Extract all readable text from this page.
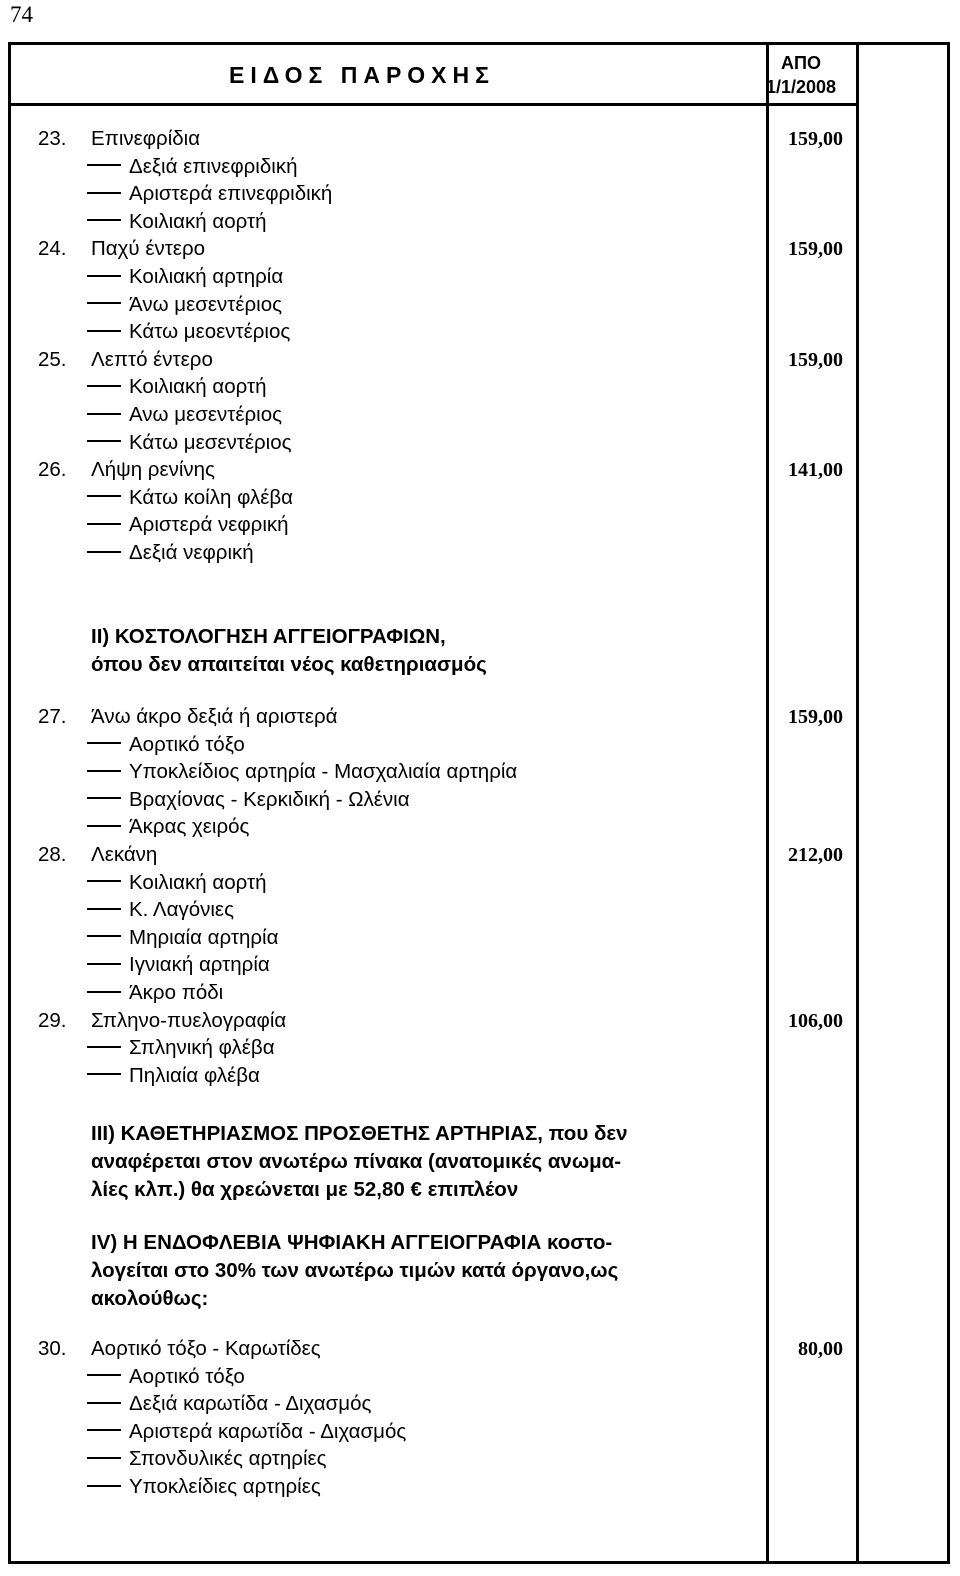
74
ΕΙΔΟΣ ΠΑΡΟΧΗΣ	ΑΠΟ
1/1/2008
II) ΚΟΣΤΟΛΟΓΗΣΗ ΑΓΓΕΙΟΓΡΑΦΙΩΝ,
όπου δεν απαιτείται νέος καθετηριασμός
III) ΚΑΘΕΤΗΡΙΑΣΜΟΣ ΠΡΟΣΘΕΤΗΣ ΑΡΤΗΡΙΑΣ, που δεν
αναφέρεται στον ανωτέρω πίνακα (ανατομικές ανωμα-
λίες κλπ.) θα χρεώνεται με 52,80 € επιπλέον
IV) Η ΕΝΔΟΦΛΕΒΙΑ ΨΗΦΙΑΚΗ ΑΓΓΕΙΟΓΡΑΦΙΑ κοστο-
λογείται στο 30% των ανωτέρω τιμών κατά όργανο,ως
ακολούθως:
23. Επινεφρίδια	159,00
Δεξιά επινεφριδική
Αριστερά επινεφριδική
Κοιλιακή αορτή
24. Παχύ έντερο	159,00
Κοιλιακή αρτηρία
Άνω μεσεντέριος
Κάτω μεοεντέριος
25. Λεπτό έντερο	159,00
Κοιλιακή αορτή
Ανω μεσεντέριος
Κάτω μεσεντέριος
26. Λήψη ρενίνης	141,00
Κάτω κοίλη φλέβα
Αριστερά νεφρική
Δεξιά νεφρική
27. Άνω άκρο δεξιά ή αριστερά	159,00
Αορτικό τόξο
Υποκλείδιος αρτηρία - Μασχαλιαία αρτηρία
Βραχίονας - Κερκιδική - Ωλένια
Άκρας χειρός
28. Λεκάνη	212,00
Κοιλιακή αορτή
Κ. Λαγόνιες
Μηριαία αρτηρία
Ιγνιακή αρτηρία
Άκρο πόδι
29. Σπληνο-πυελογραφία	106,00
Σπληνική φλέβα
Πηλιαία φλέβα
30. Αορτικό τόξο - Καρωτίδες	80,00
Αορτικό τόξο
Δεξιά καρωτίδα - Διχασμός
Αριστερά καρωτίδα - Διχασμός
Σπονδυλικές αρτηρίες
Υποκλείδιες αρτηρίες
